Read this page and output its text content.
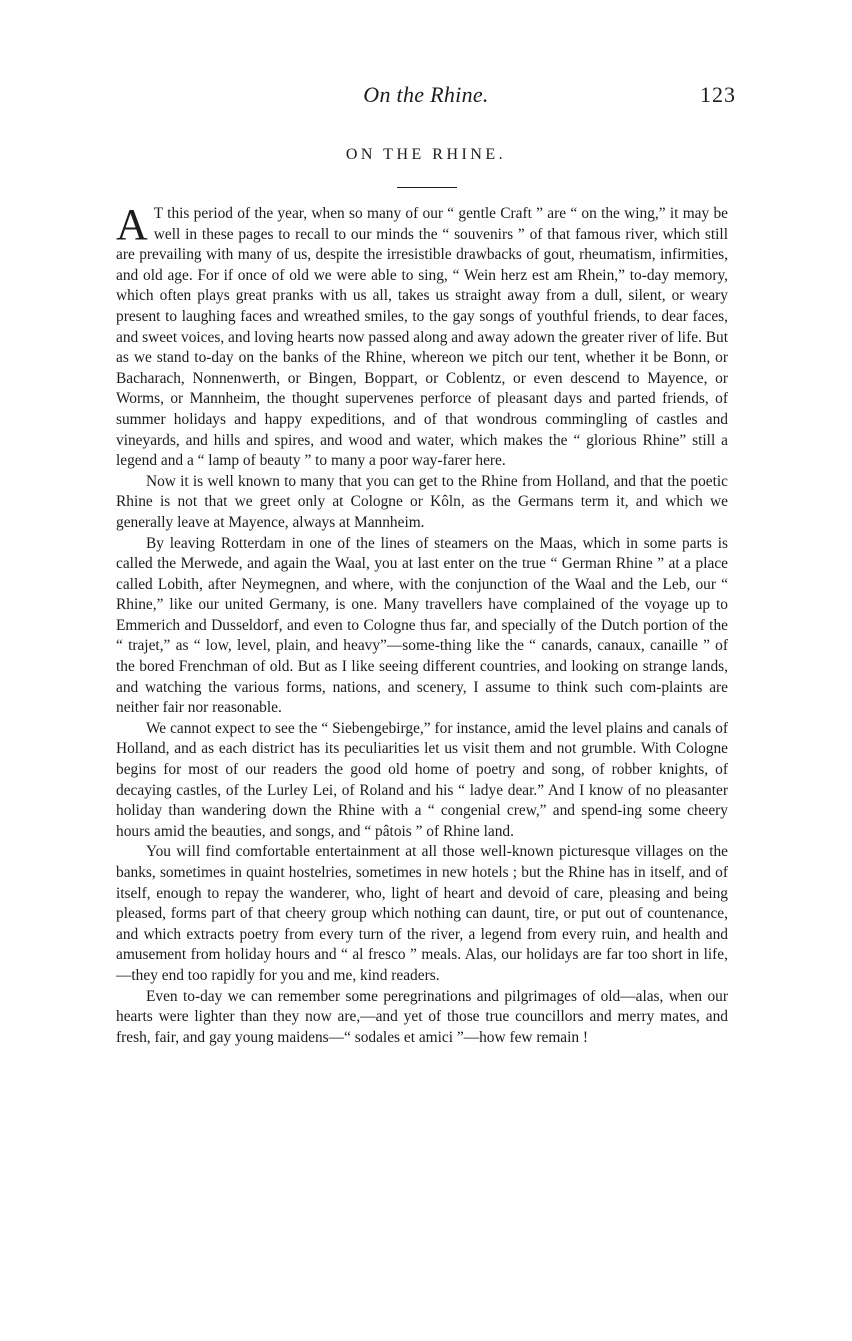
On the Rhine.	123
ON THE RHINE.

A T this period of the year, when so many of our “ gentle Craft ” are “ on the wing,” it may be well in these pages to recall to our minds the “ souvenirs ” of that famous river, which still are prevailing with many of us, despite the irresistible drawbacks of gout, rheumatism, infirmities, and old age. For if once of old we were able to sing, “ Wein herz est am Rhein,” to-day memory, which often plays great pranks with us all, takes us straight away from a dull, silent, or weary present to laughing faces and wreathed smiles, to the gay songs of youthful friends, to dear faces, and sweet voices, and loving hearts now passed along and away adown the greater river of life. But as we stand to-day on the banks of the Rhine, whereon we pitch our tent, whether it be Bonn, or Bacharach, Nonnenwerth, or Bingen, Boppart, or Coblentz, or even descend to Mayence, or Worms, or Mannheim, the thought supervenes perforce of pleasant days and parted friends, of summer holidays and happy expeditions, and of that wondrous commingling of castles and vineyards, and hills and spires, and wood and water, which makes the “ glorious Rhine” still a legend and a “ lamp of beauty ” to many a poor way-farer here.

Now it is well known to many that you can get to the Rhine from Holland, and that the poetic Rhine is not that we greet only at Cologne or Kôln, as the Germans term it, and which we generally leave at Mayence, always at Mannheim.

By leaving Rotterdam in one of the lines of steamers on the Maas, which in some parts is called the Merwede, and again the Waal, you at last enter on the true “ German Rhine ” at a place called Lobith, after Neymegnen, and where, with the conjunction of the Waal and the Leb, our “ Rhine,” like our united Germany, is one. Many travellers have complained of the voyage up to Emmerich and Dusseldorf, and even to Cologne thus far, and specially of the Dutch portion of the “ trajet,” as “ low, level, plain, and heavy”—some-thing like the “ canards, canaux, canaille ” of the bored Frenchman of old. But as I like seeing different countries, and looking on strange lands, and watching the various forms, nations, and scenery, I assume to think such com-plaints are neither fair nor reasonable.

We cannot expect to see the “ Siebengebirge,” for instance, amid the level plains and canals of Holland, and as each district has its peculiarities let us visit them and not grumble. With Cologne begins for most of our readers the good old home of poetry and song, of robber knights, of decaying castles, of the Lurley Lei, of Roland and his “ ladye dear.” And I know of no pleasanter holiday than wandering down the Rhine with a “ congenial crew,” and spend-ing some cheery hours amid the beauties, and songs, and “ pâtois ” of Rhine land.

You will find comfortable entertainment at all those well-known picturesque villages on the banks, sometimes in quaint hostelries, sometimes in new hotels ; but the Rhine has in itself, and of itself, enough to repay the wanderer, who, light of heart and devoid of care, pleasing and being pleased, forms part of that cheery group which nothing can daunt, tire, or put out of countenance, and which extracts poetry from every turn of the river, a legend from every ruin, and health and amusement from holiday hours and “ al fresco ” meals. Alas, our holidays are far too short in life,—they end too rapidly for you and me, kind readers.

Even to-day we can remember some peregrinations and pilgrimages of old—alas, when our hearts were lighter than they now are,—and yet of those true councillors and merry mates, and fresh, fair, and gay young maidens—“ sodales et amici ”—how few remain !
